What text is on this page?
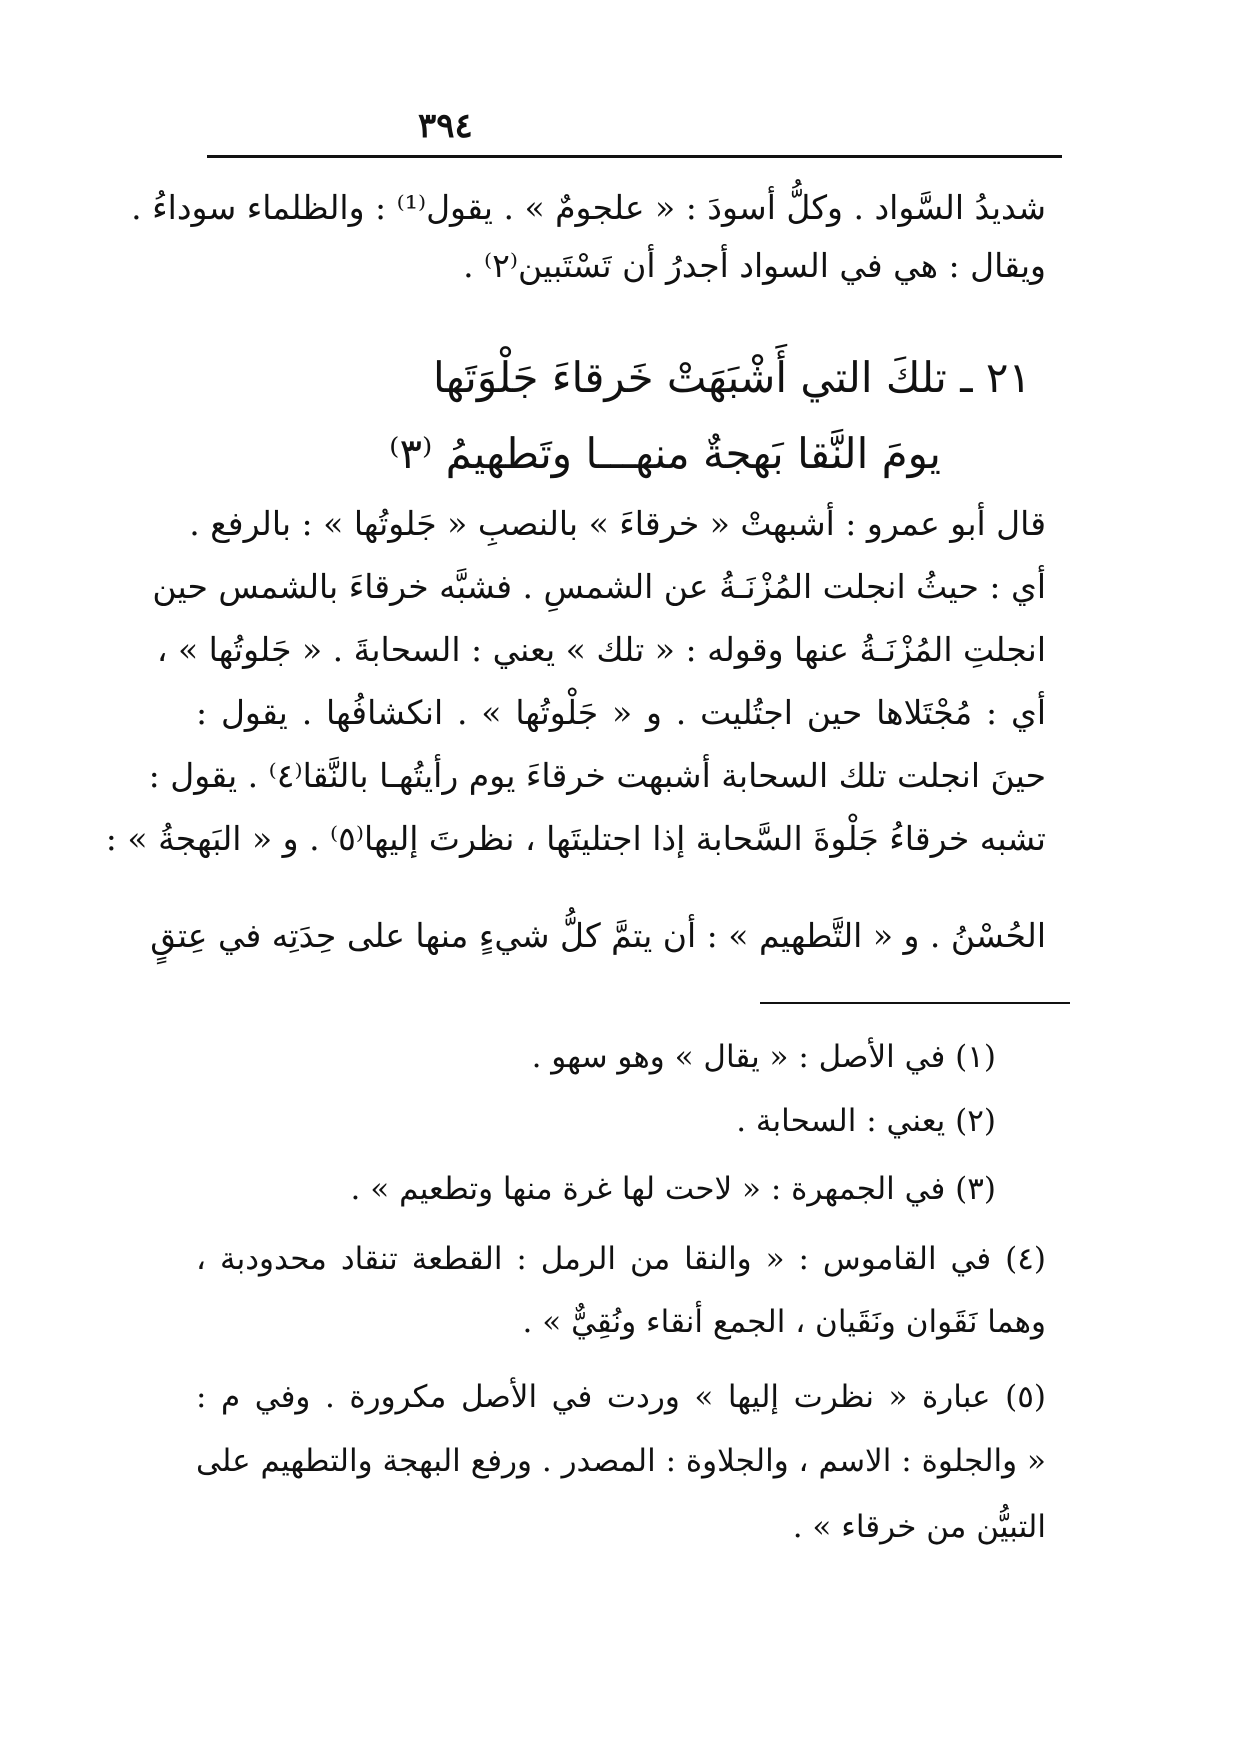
٣٩٤
شديدُ السَّواد . وكلُّ أسودَ : « علجومٌ » . يقول⁽¹⁾ : والظلماء سوداءُ .
ويقال : هي في السواد أجدرُ أن تَسْتَبين⁽٢⁾ .
٢١ ـ تلكَ التي أَشْبَهَتْ خَرقاءَ جَلْوَتَها
يومَ النَّقا بَهجةٌ منهـــا وتَطهيمُ ⁽٣⁾
قال أبو عمرو : أشبهتْ « خرقاءَ » بالنصبِ « جَلوتُها » : بالرفع .
أي : حيثُ انجلت المُزْنَـةُ عن الشمسِ . فشبَّه خرقاءَ بالشمس حين
انجلتِ المُزْنَـةُ عنها وقوله : « تلك » يعني : السحابةَ . « جَلوتُها » ،
أي : مُجْتَلاها حين اجتُليت . و « جَلْوتُها » . انكشافُها . يقول :
حينَ انجلت تلك السحابة أشبهت خرقاءَ يوم رأيتُهـا بالنَّقا⁽٤⁾ . يقول :
تشبه خرقاءُ جَلْوةَ السَّحابة إذا اجتليتَها ، نظرتَ إليها⁽٥⁾ . و « البَهجةُ » :
الحُسْنُ . و « التَّطهيم » : أن يتمَّ كلُّ شيءٍ منها على حِدَتِه في عِتقٍ
(١) في الأصل : « يقال » وهو سهو .
(٢) يعني : السحابة .
(٣) في الجمهرة : « لاحت لها غرة منها وتطعيم » .
(٤) في القاموس : « والنقا من الرمل : القطعة تنقاد محدودبة ،
وهما نَقَوان ونَقَيان ، الجمع أنقاء ونُقِيٌّ » .
(٥) عبارة « نظرت إليها » وردت في الأصل مكرورة . وفي م :
« والجلوة : الاسم ، والجلاوة : المصدر . ورفع البهجة والتطهيم على
التبيُّن من خرقاء » .
